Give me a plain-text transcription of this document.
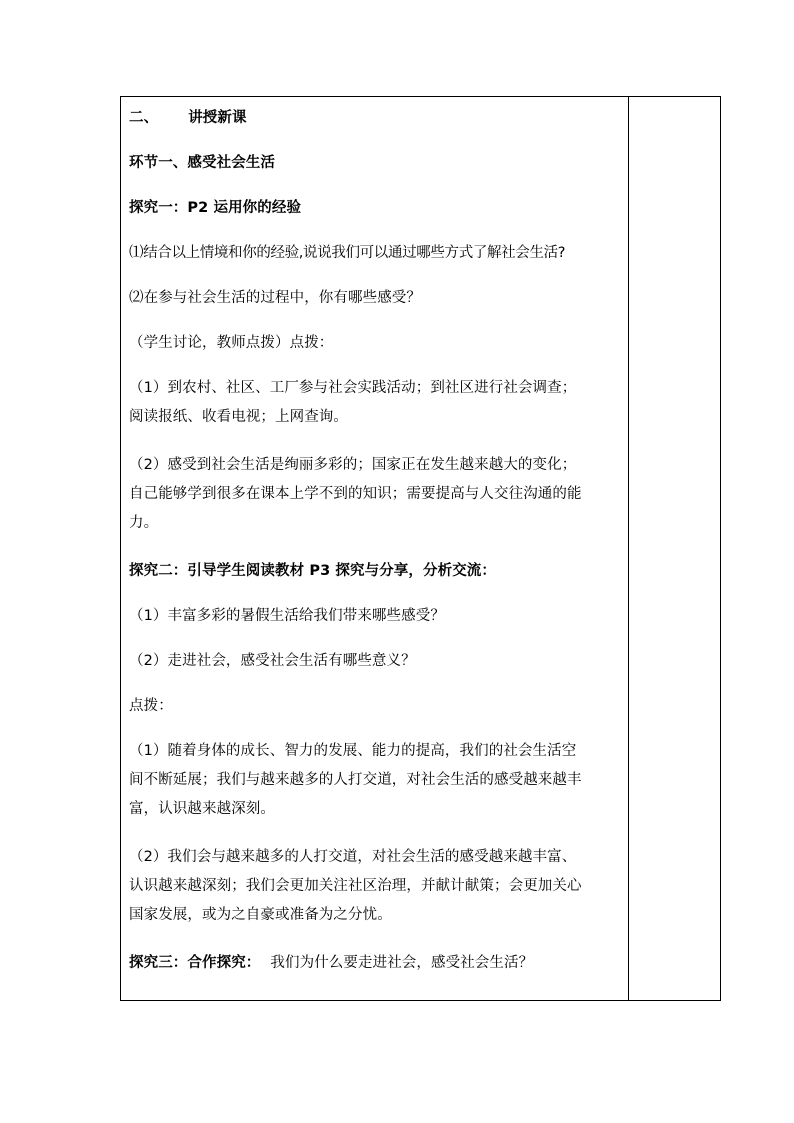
二、 讲授新课
环节一、感受社会生活
探究一：P2 运用你的经验
⑴结合以上情境和你的经验,说说我们可以通过哪些方式了解社会生活?
⑵在参与社会生活的过程中，你有哪些感受？
（学生讨论，教师点拨）点拨：
（1）到农村、社区、工厂参与社会实践活动；到社区进行社会调查；
阅读报纸、收看电视；上网查询。
（2）感受到社会生活是绚丽多彩的；国家正在发生越来越大的变化；
自己能够学到很多在课本上学不到的知识；需要提高与人交往沟通的能
力。
探究二：引导学生阅读教材 P3 探究与分享，分析交流：
（1）丰富多彩的暑假生活给我们带来哪些感受？
（2）走进社会，感受社会生活有哪些意义？
点拨：
（1）随着身体的成长、智力的发展、能力的提高，我们的社会生活空
间不断延展；我们与越来越多的人打交道，对社会生活的感受越来越丰
富，认识越来越深刻。
（2）我们会与越来越多的人打交道，对社会生活的感受越来越丰富、
认识越来越深刻；我们会更加关注社区治理，并献计献策；会更加关心
国家发展，或为之自豪或准备为之分忧。
探究三：合作探究： 我们为什么要走进社会，感受社会生活？
